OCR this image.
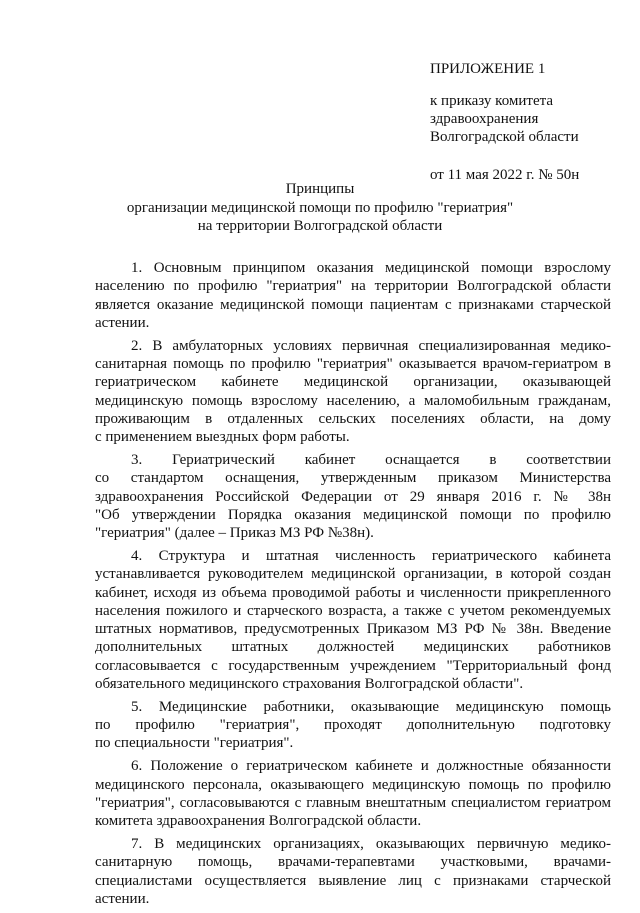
ПРИЛОЖЕНИЕ 1
к приказу комитета
здравоохранения
Волгоградской области
от 11 мая 2022 г. № 50н
Принципы
организации медицинской помощи по профилю "гериатрия"
на территории Волгоградской области
1. Основным принципом оказания медицинской помощи взрослому
населению по профилю "гериатрия" на территории Волгоградской области
является оказание медицинской помощи пациентам с признаками старческой
астении.
2. В амбулаторных условиях первичная специализированная медико-
санитарная помощь по профилю "гериатрия" оказывается врачом-гериатром в
гериатрическом кабинете медицинской организации, оказывающей
медицинскую помощь взрослому населению, а маломобильным гражданам,
проживающим в отдаленных сельских поселениях области, на дому
с применением выездных форм работы.
3. Гериатрический кабинет оснащается в соответствии
со стандартом оснащения, утвержденным приказом Министерства
здравоохранения Российской Федерации от 29 января 2016 г. № 38н
"Об утверждении Порядка оказания медицинской помощи по профилю
"гериатрия" (далее – Приказ МЗ РФ №38н).
4. Структура и штатная численность гериатрического кабинета
устанавливается руководителем медицинской организации, в которой создан
кабинет, исходя из объема проводимой работы и численности прикрепленного
населения пожилого и старческого возраста, а также с учетом рекомендуемых
штатных нормативов, предусмотренных Приказом МЗ РФ № 38н. Введение
дополнительных штатных должностей медицинских работников
согласовывается с государственным учреждением "Территориальный фонд
обязательного медицинского страхования Волгоградской области".
5. Медицинские работники, оказывающие медицинскую помощь
по профилю "гериатрия", проходят дополнительную подготовку
по специальности "гериатрия".
6. Положение о гериатрическом кабинете и должностные обязанности
медицинского персонала, оказывающего медицинскую помощь по профилю
"гериатрия", согласовываются с главным внештатным специалистом гериатром
комитета здравоохранения Волгоградской области.
7. В медицинских организациях, оказывающих первичную медико-
санитарную помощь, врачами-терапевтами участковыми, врачами-
специалистами осуществляется выявление лиц с признаками старческой
астении.
